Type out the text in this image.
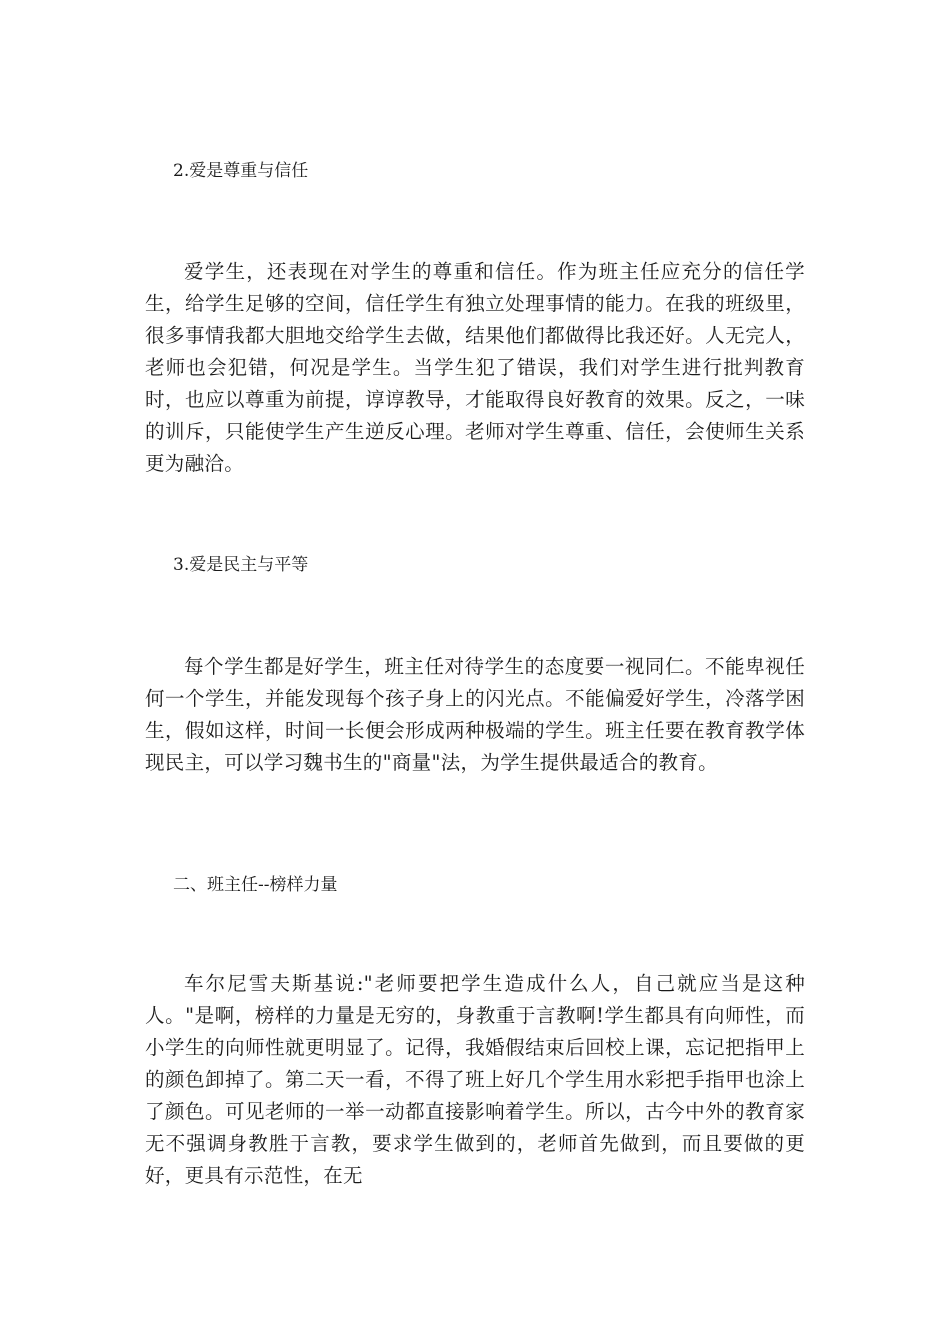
2.爱是尊重与信任
爱学生，还表现在对学生的尊重和信任。作为班主任应充分的信任学生，给学生足够的空间，信任学生有独立处理事情的能力。在我的班级里，很多事情我都大胆地交给学生去做，结果他们都做得比我还好。人无完人，老师也会犯错，何况是学生。当学生犯了错误，我们对学生进行批判教育时，也应以尊重为前提，谆谆教导，才能取得良好教育的效果。反之，一味的训斥，只能使学生产生逆反心理。老师对学生尊重、信任，会使师生关系更为融洽。
3.爱是民主与平等
每个学生都是好学生，班主任对待学生的态度要一视同仁。不能卑视任何一个学生，并能发现每个孩子身上的闪光点。不能偏爱好学生，冷落学困生，假如这样，时间一长便会形成两种极端的学生。班主任要在教育教学体现民主，可以学习魏书生的"商量"法，为学生提供最适合的教育。
二、班主任--榜样力量
车尔尼雪夫斯基说:"老师要把学生造成什么人，自己就应当是这种人。"是啊，榜样的力量是无穷的，身教重于言教啊!学生都具有向师性，而小学生的向师性就更明显了。记得，我婚假结束后回校上课，忘记把指甲上的颜色卸掉了。第二天一看，不得了班上好几个学生用水彩把手指甲也涂上了颜色。可见老师的一举一动都直接影响着学生。所以，古今中外的教育家无不强调身教胜于言教，要求学生做到的，老师首先做到，而且要做的更好，更具有示范性，在无
